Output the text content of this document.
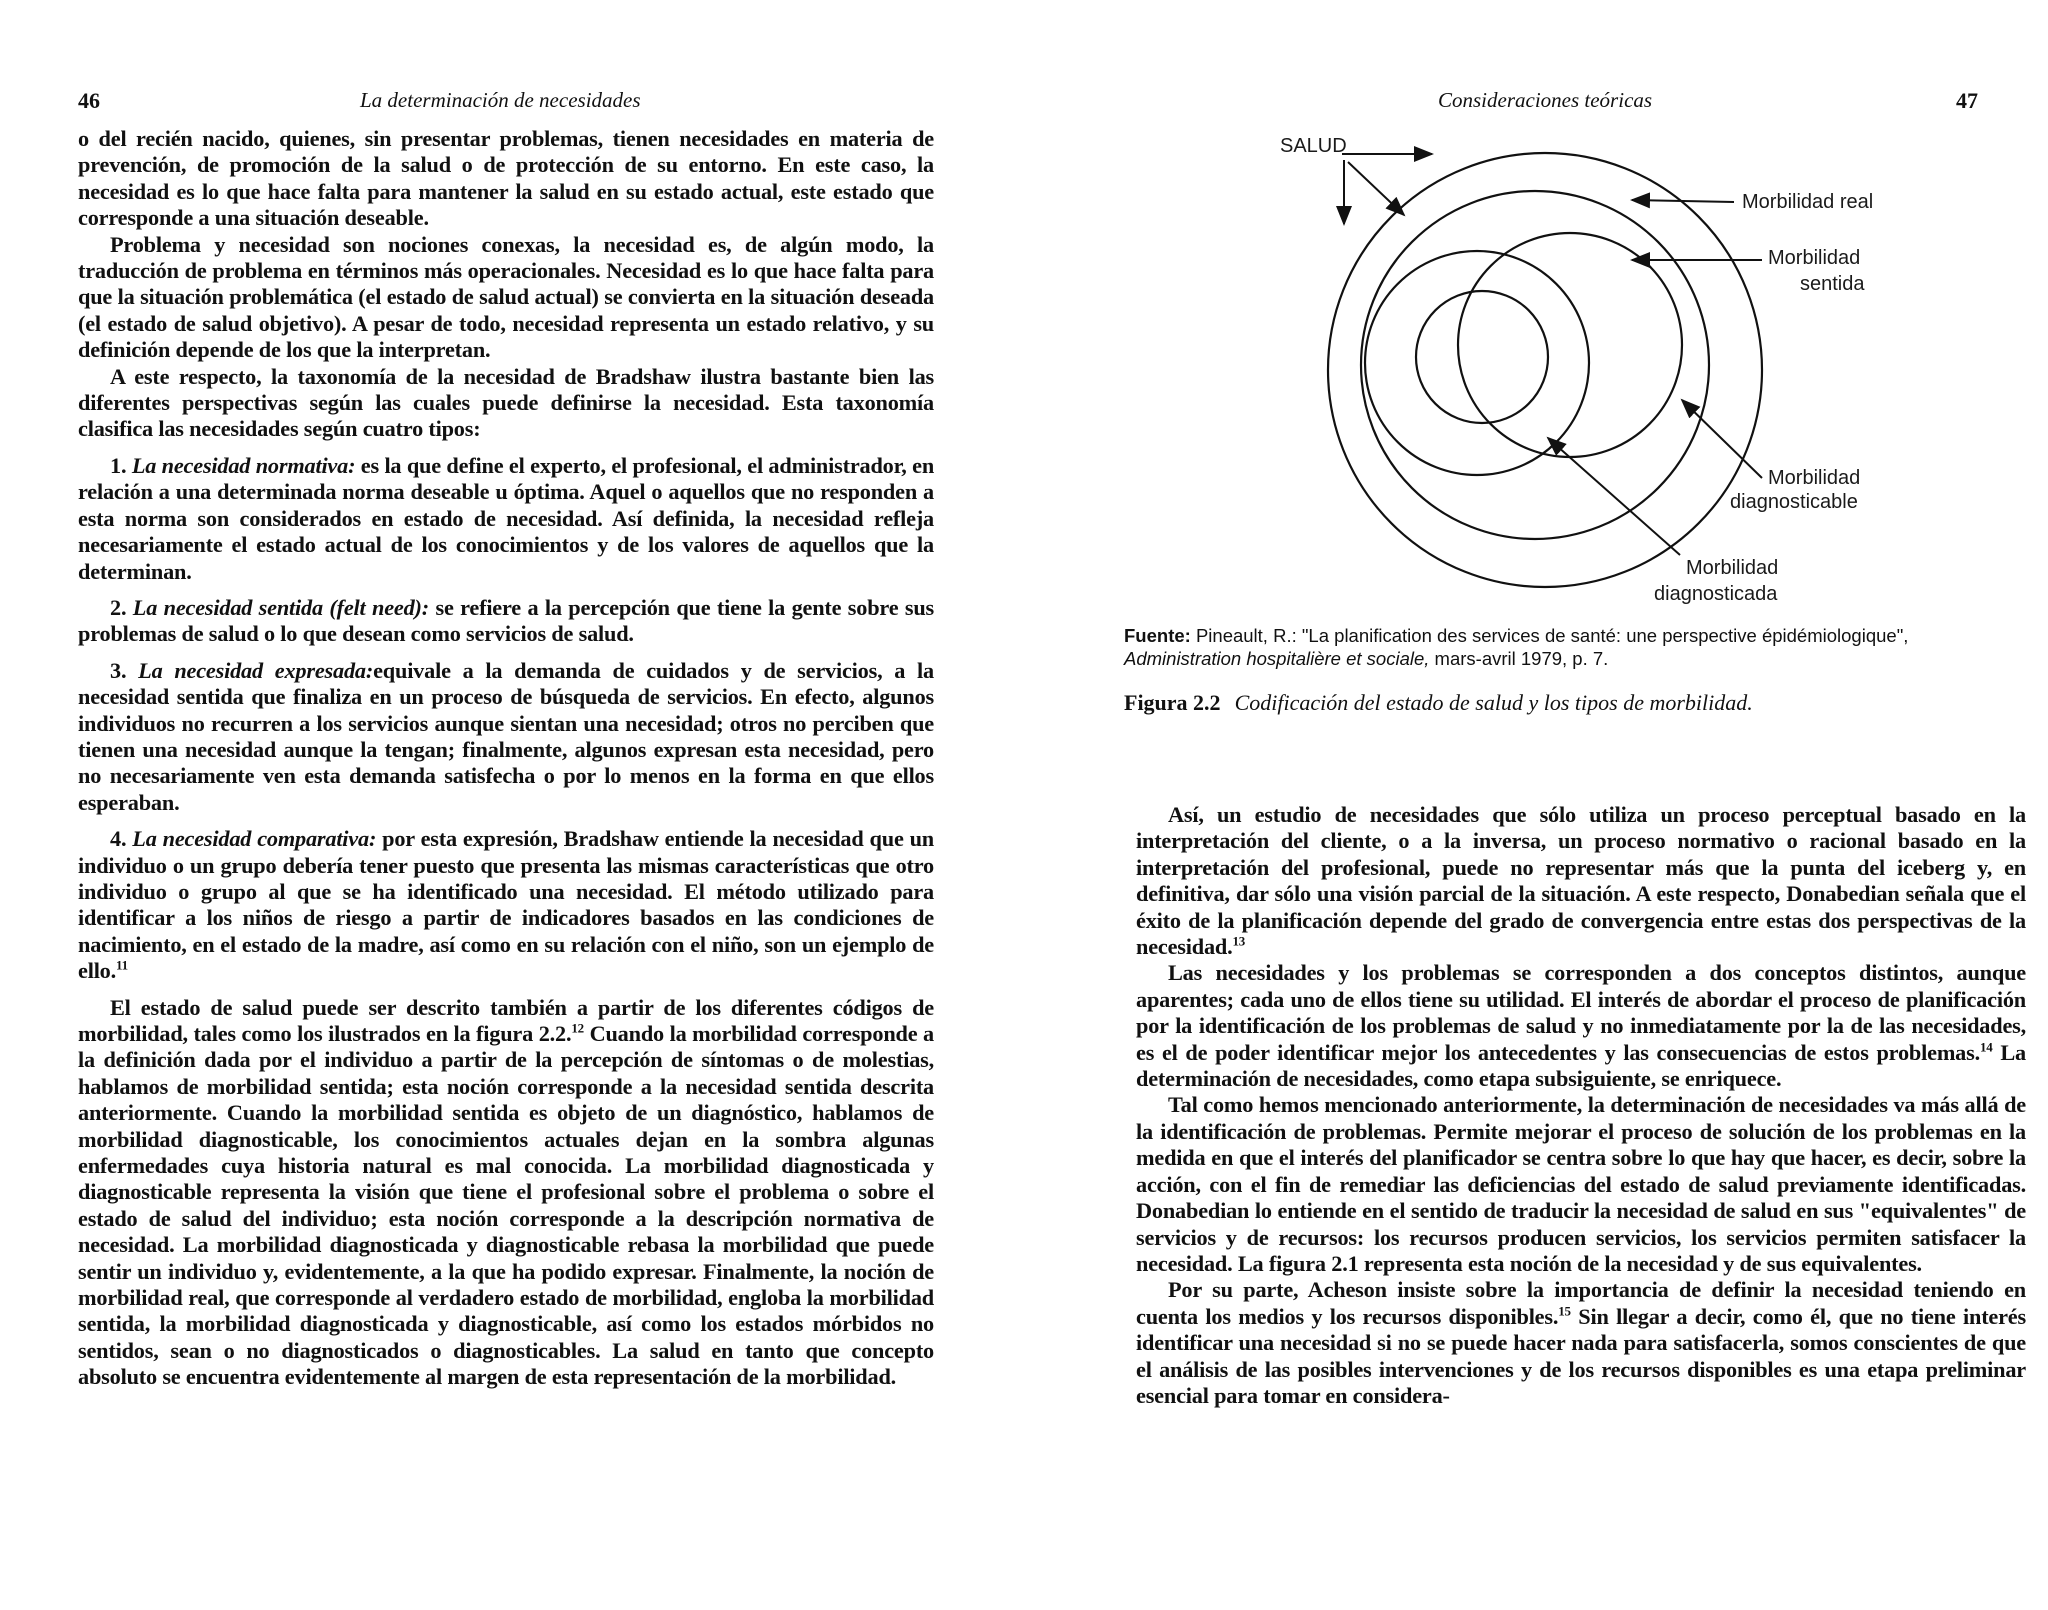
46	La determinación de necesidades

o del recién nacido, quienes, sin presentar problemas, tienen necesidades en materia de prevención, de promoción de la salud o de protección de su entorno. En este caso, la necesidad es lo que hace falta para mantener la salud en su estado actual, este estado que corresponde a una situación deseable.

Problema y necesidad son nociones conexas, la necesidad es, de algún modo, la traducción de problema en términos más operacionales. Necesidad es lo que hace falta para que la situación problemática (el estado de salud actual) se convierta en la situación deseada (el estado de salud objetivo). A pesar de todo, necesidad representa un estado relativo, y su definición depende de los que la interpretan.

A este respecto, la taxonomía de la necesidad de Bradshaw ilustra bastante bien las diferentes perspectivas según las cuales puede definirse la necesidad. Esta taxonomía clasifica las necesidades según cuatro tipos:

1. La necesidad normativa: es la que define el experto, el profesional, el administrador, en relación a una determinada norma deseable u óptima. Aquel o aquellos que no responden a esta norma son considerados en estado de necesidad. Así definida, la necesidad refleja necesariamente el estado actual de los conocimientos y de los valores de aquellos que la determinan.

2. La necesidad sentida (felt need): se refiere a la percepción que tiene la gente sobre sus problemas de salud o lo que desean como servicios de salud.

3. La necesidad expresada:equivale a la demanda de cuidados y de servicios, a la necesidad sentida que finaliza en un proceso de búsqueda de servicios. En efecto, algunos individuos no recurren a los servicios aunque sientan una necesidad; otros no perciben que tienen una necesidad aunque la tengan; finalmente, algunos expresan esta necesidad, pero no necesariamente ven esta demanda satisfecha o por lo menos en la forma en que ellos esperaban.

4. La necesidad comparativa: por esta expresión, Bradshaw entiende la necesidad que un individuo o un grupo debería tener puesto que presenta las mismas características que otro individuo o grupo al que se ha identificado una necesidad. El método utilizado para identificar a los niños de riesgo a partir de indicadores basados en las condiciones de nacimiento, en el estado de la madre, así como en su relación con el niño, son un ejemplo de ello.$^{11}$

El estado de salud puede ser descrito también a partir de los diferentes códigos de morbilidad, tales como los ilustrados en la figura 2.2.12 Cuando la morbilidad corresponde a la definición dada por el individuo a partir de la percepción de síntomas o de molestias, hablamos de morbilidad sentida; esta noción corresponde a la necesidad sentida descrita anteriormente. Cuando la morbilidad sentida es objeto de un diagnóstico, hablamos de morbilidad diagnosticable, los conocimientos actuales dejan en la sombra algunas enfermedades cuya historia natural es mal conocida. La morbilidad diagnosticada y diagnosticable representa la visión que tiene el profesional sobre el problema o sobre el estado de salud del individuo; esta noción corresponde a la descripción normativa de necesidad. La morbilidad diagnosticada y diagnosticable rebasa la morbilidad que puede sentir un individuo y, evidentemente, a la que ha podido expresar. Finalmente, la noción de morbilidad real, que corresponde al verdadero estado de morbilidad, engloba la morbilidad sentida, la morbilidad diagnosticada y diagnosticable, así como los estados mórbidos no sentidos, sean o no diagnosticados o diagnosticables. La salud en tanto que concepto absoluto se encuentra evidentemente al margen de esta representación de la morbilidad.

Consideraciones teóricas	47
SALUD
Morbilidad real
Morbilidad
sentida
Morbilidad
diagnosticable
Morbilidad
diagnosticada
Fuente: Pineault, R.: "La planification des services de santé: une perspective épidémiologique", Administration hospitalière et sociale, mars-avril 1979, p. 7.
Figura 2.2 Codificación del estado de salud y los tipos de morbilidad.

Así, un estudio de necesidades que sólo utiliza un proceso perceptual basado en la interpretación del cliente, o a la inversa, un proceso normativo o racional basado en la interpretación del profesional, puede no representar más que la punta del iceberg y, en definitiva, dar sólo una visión parcial de la situación. A este respecto, Donabedian señala que el éxito de la planificación depende del grado de convergencia entre estas dos perspectivas de la necesidad.$^{13}$

Las necesidades y los problemas se corresponden a dos conceptos distintos, aunque aparentes; cada uno de ellos tiene su utilidad. El interés de abordar el proceso de planificación por la identificación de los problemas de salud y no inmediatamente por la de las necesidades, es el de poder identificar mejor los antecedentes y las consecuencias de estos problemas.$^{14}$ La determinación de necesidades, como etapa subsiguiente, se enriquece.

Tal como hemos mencionado anteriormente, la determinación de necesidades va más allá de la identificación de problemas. Permite mejorar el proceso de solución de los problemas en la medida en que el interés del planificador se centra sobre lo que hay que hacer, es decir, sobre la acción, con el fin de remediar las deficiencias del estado de salud previamente identificadas. Donabedian lo entiende en el sentido de traducir la necesidad de salud en sus "equivalentes" de servicios y de recursos: los recursos producen servicios, los servicios permiten satisfacer la necesidad. La figura 2.1 representa esta noción de la necesidad y de sus equivalentes.

Por su parte, Acheson insiste sobre la importancia de definir la necesidad teniendo en cuenta los medios y los recursos disponibles.$^{15}$ Sin llegar a decir, como él, que no tiene interés identificar una necesidad si no se puede hacer nada para satisfacerla, somos conscientes de que el análisis de las posibles intervenciones y de los recursos disponibles es una etapa preliminar esencial para tomar en considera-
